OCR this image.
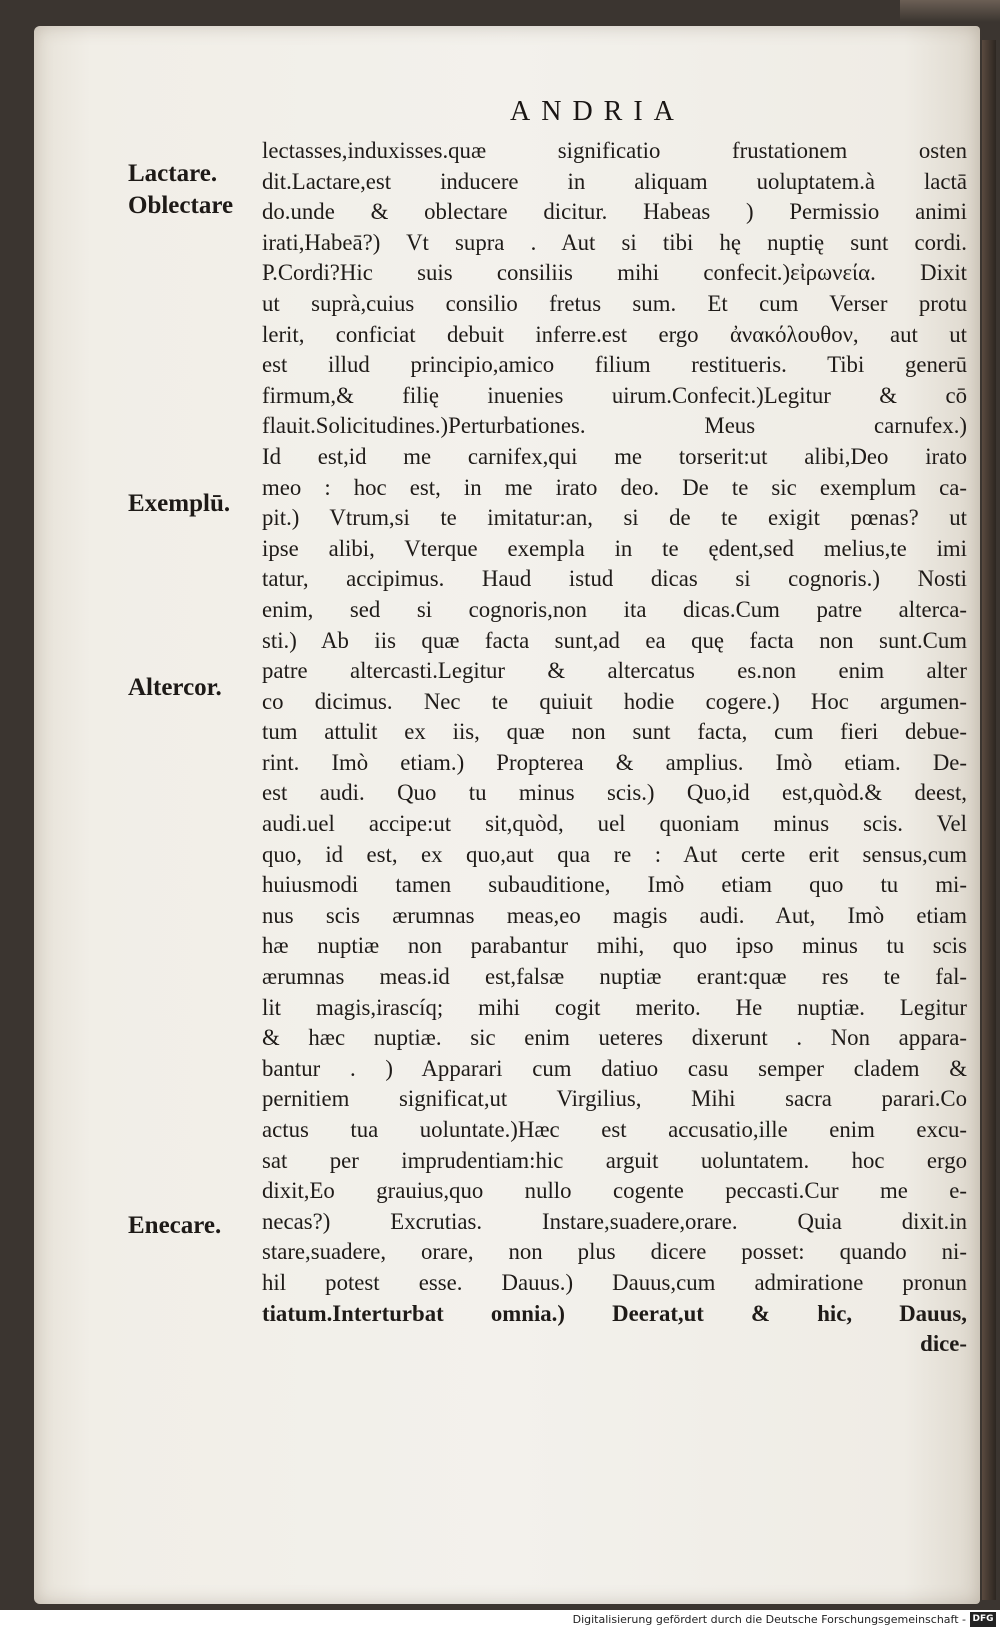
ANDRIA
Lactare.
Oblectare
Exemplū.
Altercor.
Enecare.
lectasses,induxisses.quæ significatio frustationem osten
dit.Lactare,est inducere in aliquam uoluptatem.à lactā
do.unde & oblectare dicitur. Habeas ) Permissio animi
irati,Habeā?) Vt supra . Aut si tibi hę nuptię sunt cordi.
P.Cordi?Hic suis consiliis mihi confecit.)εἰρωνεία. Dixit
ut suprà,cuius consilio fretus sum. Et cum Verser protu
lerit, conficiat debuit inferre.est ergo ἀνακόλουθον, aut ut
est illud principio,amico filium restitueris. Tibi generū
firmum,& filię inuenies uirum.Confecit.)Legitur & cō
flauit.Solicitudines.)Perturbationes. Meus carnufex.)
Id est,id me carnifex,qui me torserit:ut alibi,Deo irato
meo : hoc est, in me irato deo. De te sic exemplum ca-
pit.) Vtrum,si te imitatur:an, si de te exigit pœnas? ut
ipse alibi, Vterque exempla in te ędent,sed melius,te imi
tatur, accipimus. Haud istud dicas si cognoris.) Nosti
enim, sed si cognoris,non ita dicas.Cum patre alterca-
sti.) Ab iis quæ facta sunt,ad ea quę facta non sunt.Cum
patre altercasti.Legitur & altercatus es.non enim alter
co dicimus. Nec te quiuit hodie cogere.) Hoc argumen-
tum attulit ex iis, quæ non sunt facta, cum fieri debue-
rint. Imò etiam.) Propterea & amplius. Imò etiam. De-
est audi. Quo tu minus scis.) Quo,id est,quòd.& deest,
audi.uel accipe:ut sit,quòd, uel quoniam minus scis. Vel
quo, id est, ex quo,aut qua re : Aut certe erit sensus,cum
huiusmodi tamen subauditione, Imò etiam quo tu mi-
nus scis ærumnas meas,eo magis audi. Aut, Imò etiam
hæ nuptiæ non parabantur mihi, quo ipso minus tu scis
ærumnas meas.id est,falsæ nuptiæ erant:quæ res te fal-
lit magis,irascíq; mihi cogit merito. He nuptiæ. Legitur
& hæc nuptiæ. sic enim ueteres dixerunt . Non appara-
bantur . ) Apparari cum datiuo casu semper cladem &
pernitiem significat,ut Virgilius, Mihi sacra parari.Co
actus tua uoluntate.)Hæc est accusatio,ille enim excu-
sat per imprudentiam:hic arguit uoluntatem. hoc ergo
dixit,Eo grauius,quo nullo cogente peccasti.Cur me e-
necas?) Excrutias. Instare,suadere,orare. Quia dixit.in
stare,suadere, orare, non plus dicere posset: quando ni-
hil potest esse. Dauus.) Dauus,cum admiratione pronun
tiatum.Interturbat omnia.) Deerat,ut & hic, Dauus,
dice-
Digitalisierung gefördert durch die Deutsche Forschungsgemeinschaft - DFG
